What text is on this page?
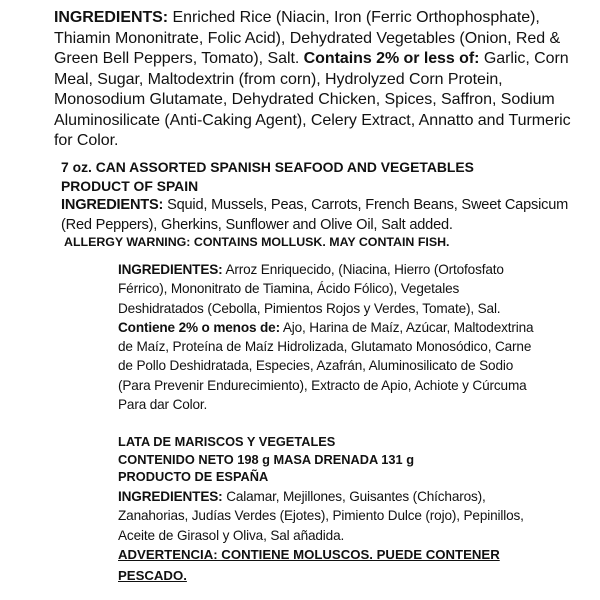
INGREDIENTS: Enriched Rice (Niacin, Iron (Ferric Orthophosphate), Thiamin Mononitrate, Folic Acid), Dehydrated Vegetables (Onion, Red & Green Bell Peppers, Tomato), Salt. Contains 2% or less of: Garlic, Corn Meal, Sugar, Maltodextrin (from corn), Hydrolyzed Corn Protein, Monosodium Glutamate, Dehydrated Chicken, Spices, Saffron, Sodium Aluminosilicate (Anti-Caking Agent), Celery Extract, Annatto and Turmeric for Color.

7 oz. CAN ASSORTED SPANISH SEAFOOD AND VEGETABLES

PRODUCT OF SPAIN

INGREDIENTS: Squid, Mussels, Peas, Carrots, French Beans, Sweet Capsicum (Red Peppers), Gherkins, Sunflower and Olive Oil, Salt added.
ALLERGY WARNING: CONTAINS MOLLUSK. MAY CONTAIN FISH.
INGREDIENTES: Arroz Enriquecido, (Niacina, Hierro (Ortofosfato Férrico), Mononitrato de Tiamina, Ácido Fólico), Vegetales Deshidratados (Cebolla, Pimientos Rojos y Verdes, Tomate), Sal. Contiene 2% o menos de: Ajo, Harina de Maíz, Azúcar, Maltodextrina de Maíz, Proteína de Maíz Hidrolizada, Glutamato Monosódico, Carne de Pollo Deshidratada, Especies, Azafrán, Aluminosilicato de Sodio (Para Prevenir Endurecimiento), Extracto de Apio, Achiote y Cúrcuma Para dar Color.

LATA DE MARISCOS Y VEGETALES

CONTENIDO NETO 198 g MASA DRENADA 131 g

PRODUCTO DE ESPAÑA

INGREDIENTES: Calamar, Mejillones, Guisantes (Chícharos), Zanahorias, Judías Verdes (Ejotes), Pimiento Dulce (rojo), Pepinillos, Aceite de Girasol y Oliva, Sal añadida.
ADVERTENCIA: CONTIENE MOLUSCOS. PUEDE CONTENER PESCADO.
